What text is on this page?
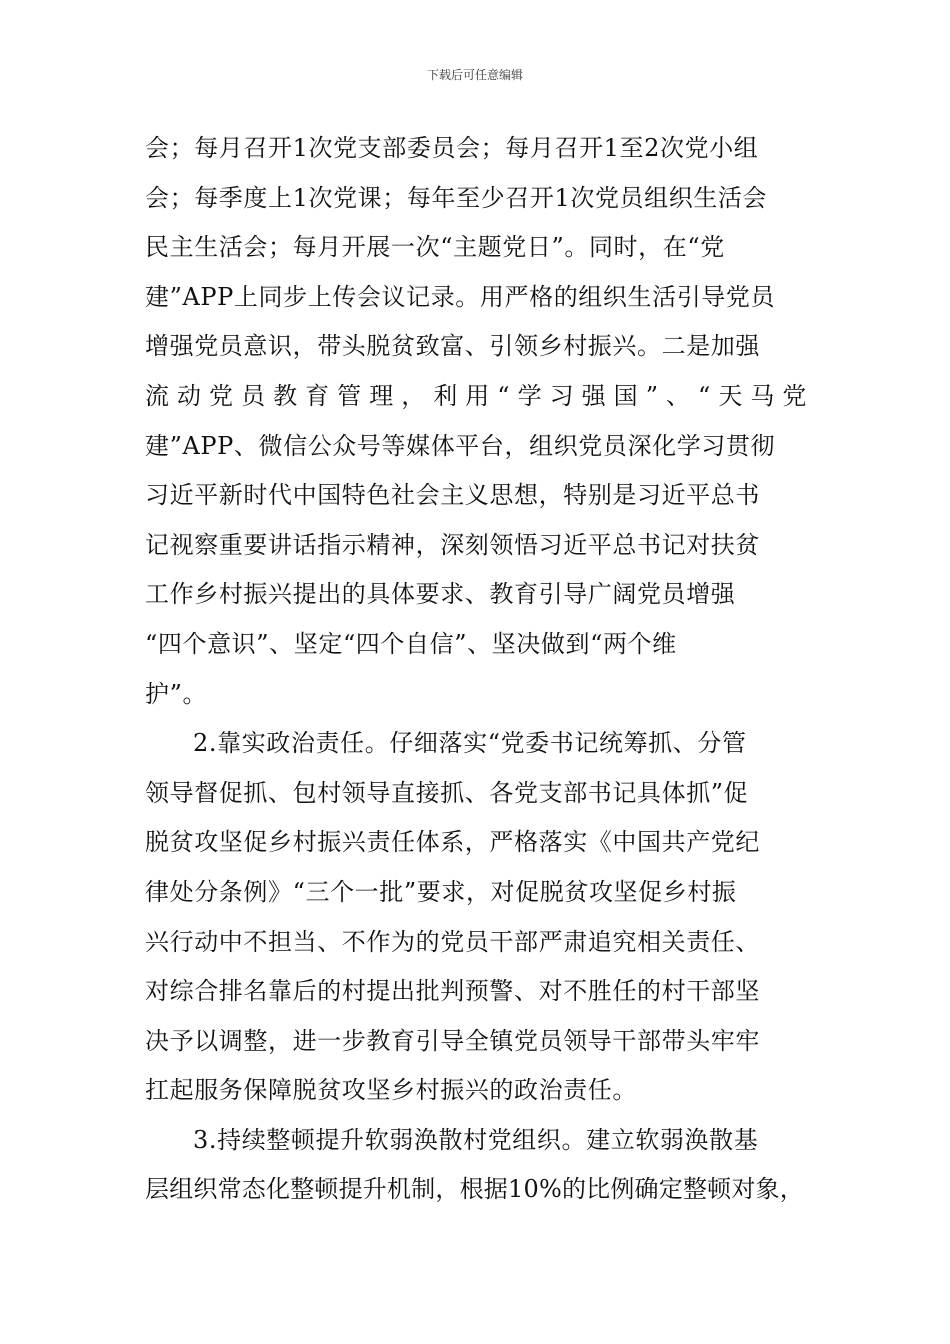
下载后可任意编辑
会；每月召开1次党支部委员会；每月召开1至2次党小组
会；每季度上1次党课；每年至少召开1次党员组织生活会
民主生活会；每月开展一次“主题党日”。同时，在“党
建”APP上同步上传会议记录。用严格的组织生活引导党员
增强党员意识，带头脱贫致富、引领乡村振兴。二是加强
流动党员教育管理，利用“学习强国”、“天马党
建”APP、微信公众号等媒体平台，组织党员深化学习贯彻
习近平新时代中国特色社会主义思想，特别是习近平总书
记视察重要讲话指示精神，深刻领悟习近平总书记对扶贫
工作乡村振兴提出的具体要求、教育引导广阔党员增强
“四个意识”、坚定“四个自信”、坚决做到“两个维
护”。
2.靠实政治责任。仔细落实“党委书记统筹抓、分管
领导督促抓、包村领导直接抓、各党支部书记具体抓”促
脱贫攻坚促乡村振兴责任体系，严格落实《中国共产党纪
律处分条例》“三个一批”要求，对促脱贫攻坚促乡村振
兴行动中不担当、不作为的党员干部严肃追究相关责任、
对综合排名靠后的村提出批判预警、对不胜任的村干部坚
决予以调整，进一步教育引导全镇党员领导干部带头牢牢
扛起服务保障脱贫攻坚乡村振兴的政治责任。
3.持续整顿提升软弱涣散村党组织。建立软弱涣散基
层组织常态化整顿提升机制，根据10%的比例确定整顿对象，
